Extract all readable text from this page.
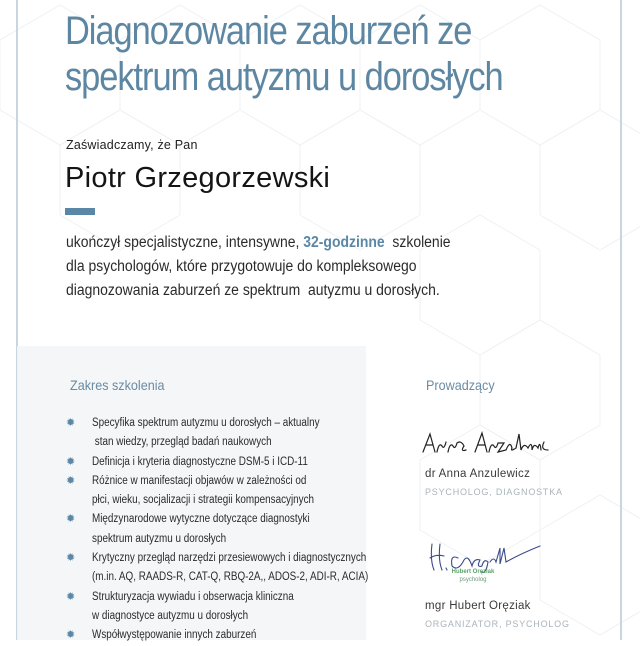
Diagnozowanie zaburzeń ze
spektrum autyzmu u dorosłych
Zaświadczamy, że Pan
Piotr Grzegorzewski
ukończył specjalistyczne, intensywne, 32-godzinne  szkolenie
dla psychologów, które przygotowuje do kompleksowego
diagnozowania zaburzeń ze spektrum  autyzmu u dorosłych.
Zakres szkolenia
✹ Specyfika spektrum autyzmu u dorosłych – aktualny
stan wiedzy, przegląd badań naukowych
✹ Definicja i kryteria diagnostyczne DSM-5 i ICD-11
✹ Różnice w manifestacji objawów w zależności od
płci, wieku, socjalizacji i strategii kompensacyjnych
✹ Międzynarodowe wytyczne dotyczące diagnostyki
spektrum autyzmu u dorosłych
✹ Krytyczny przegląd narzędzi przesiewowych i diagnostycznych
(m.in. AQ, RAADS-R, CAT-Q, RBQ-2A,, ADOS-2, ADI-R, ACIA)
✹ Strukturyzacja wywiadu i obserwacja kliniczna
w diagnostyce autyzmu u dorosłych
✹ Współwystępowanie innych zaburzeń
Prowadzący
dr Anna Anzulewicz
PSYCHOLOG, DIAGNOSTKA
Hubert Oręziak
psycholog
mgr Hubert Oręziak
ORGANIZATOR, PSYCHOLOG
